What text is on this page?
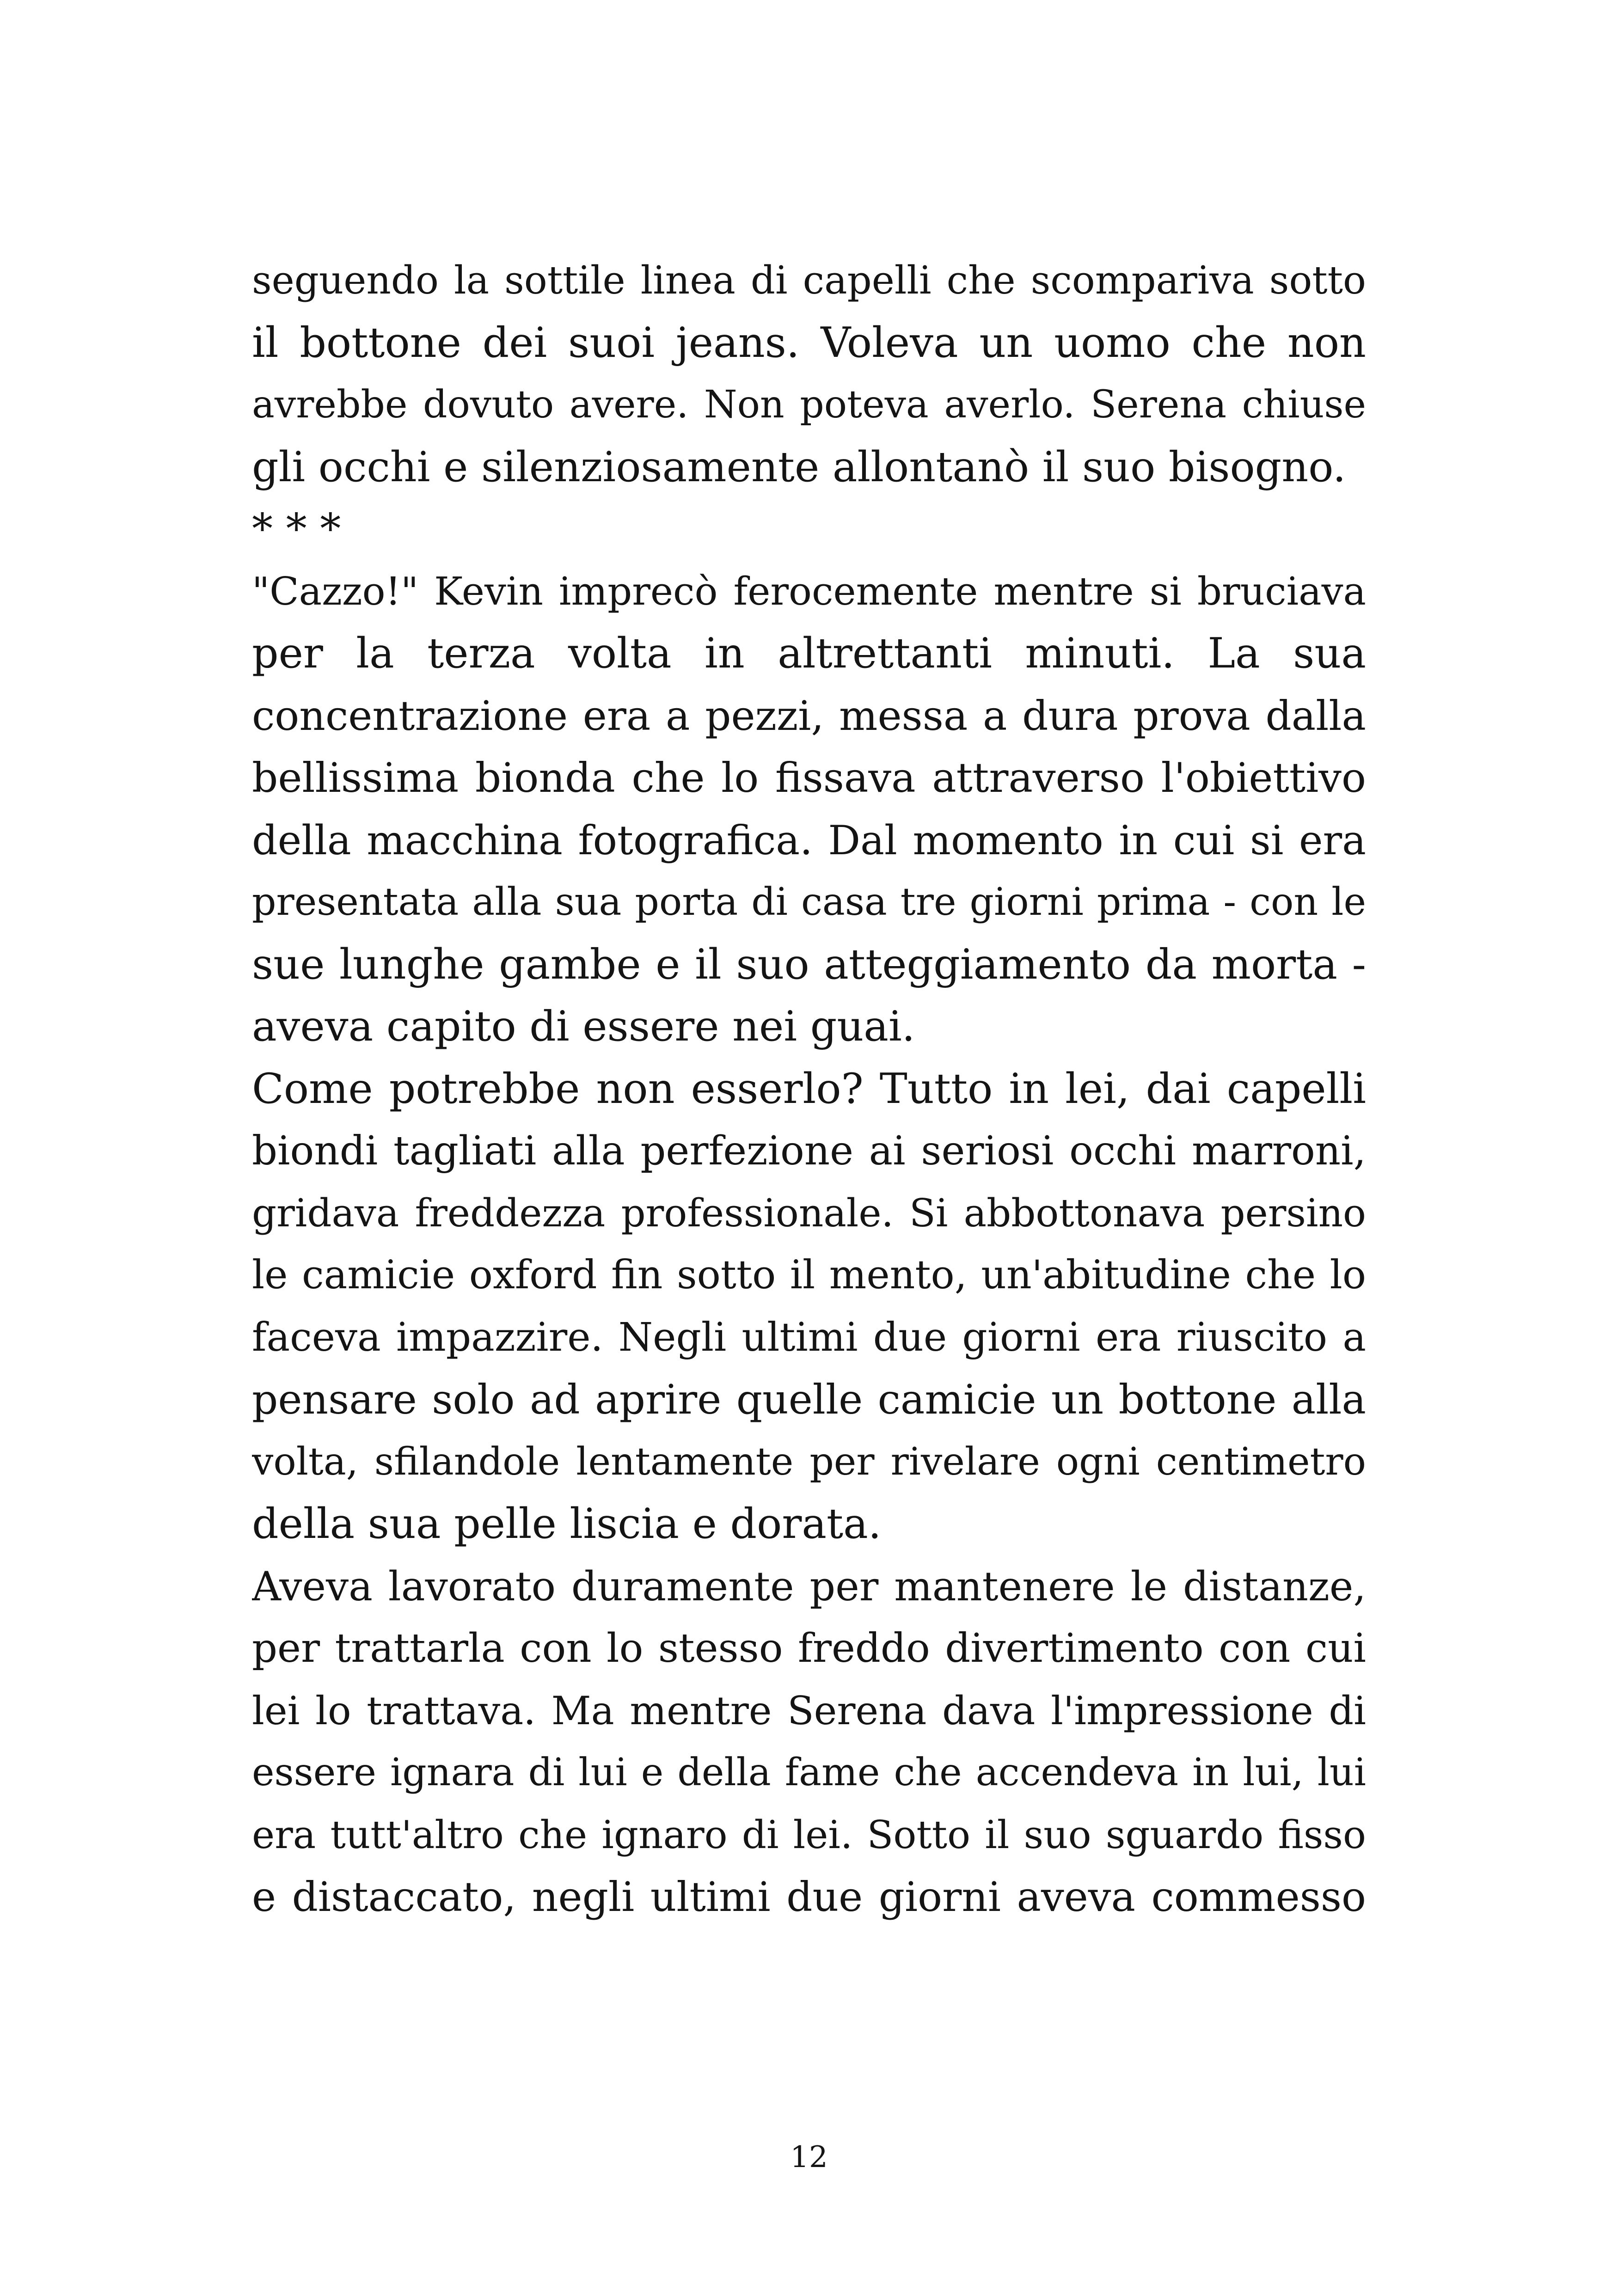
seguendo la sottile linea di capelli che scompariva sotto
il bottone dei suoi jeans. Voleva un uomo che non
avrebbe dovuto avere. Non poteva averlo. Serena chiuse
gli occhi e silenziosamente allontanò il suo bisogno.
* * *
"Cazzo!" Kevin imprecò ferocemente mentre si bruciava
per la terza volta in altrettanti minuti. La sua
concentrazione era a pezzi, messa a dura prova dalla
bellissima bionda che lo fissava attraverso l'obiettivo
della macchina fotografica. Dal momento in cui si era
presentata alla sua porta di casa tre giorni prima - con le
sue lunghe gambe e il suo atteggiamento da morta -
aveva capito di essere nei guai.
Come potrebbe non esserlo? Tutto in lei, dai capelli
biondi tagliati alla perfezione ai seriosi occhi marroni,
gridava freddezza professionale. Si abbottonava persino
le camicie oxford fin sotto il mento, un'abitudine che lo
faceva impazzire. Negli ultimi due giorni era riuscito a
pensare solo ad aprire quelle camicie un bottone alla
volta, sfilandole lentamente per rivelare ogni centimetro
della sua pelle liscia e dorata.
Aveva lavorato duramente per mantenere le distanze,
per trattarla con lo stesso freddo divertimento con cui
lei lo trattava. Ma mentre Serena dava l'impressione di
essere ignara di lui e della fame che accendeva in lui, lui
era tutt'altro che ignaro di lei. Sotto il suo sguardo fisso
e distaccato, negli ultimi due giorni aveva commesso
12
